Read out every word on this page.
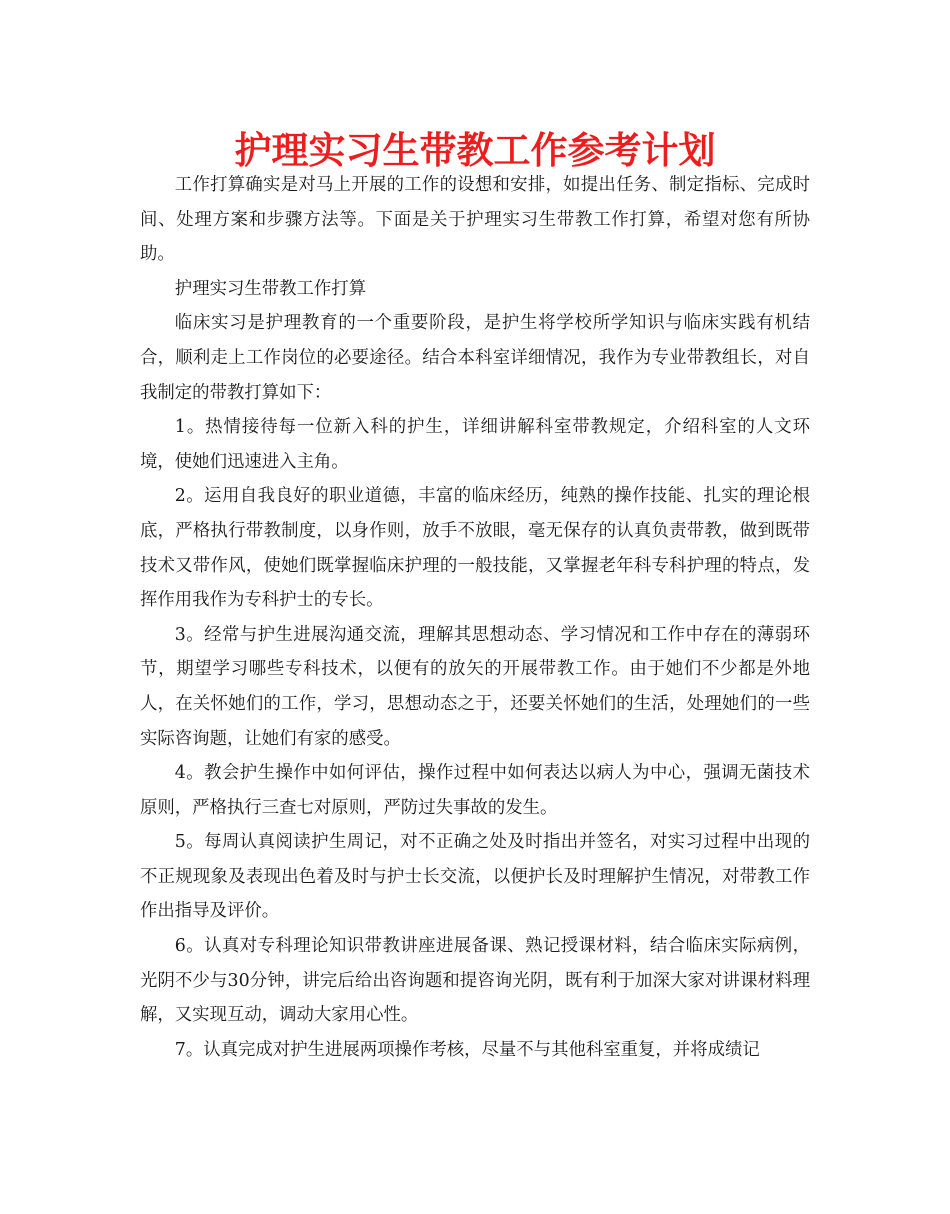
护理实习生带教工作参考计划

工作打算确实是对马上开展的工作的设想和安排，如提出任务、制定指标、完成时间、处理方案和步骤方法等。下面是关于护理实习生带教工作打算，希望对您有所协助。

护理实习生带教工作打算

临床实习是护理教育的一个重要阶段，是护生将学校所学知识与临床实践有机结合，顺利走上工作岗位的必要途径。结合本科室详细情况，我作为专业带教组长，对自我制定的带教打算如下：

1。热情接待每一位新入科的护生，详细讲解科室带教规定，介绍科室的人文环境，使她们迅速进入主角。

2。运用自我良好的职业道德，丰富的临床经历，纯熟的操作技能、扎实的理论根底，严格执行带教制度，以身作则，放手不放眼，毫无保存的认真负责带教，做到既带技术又带作风，使她们既掌握临床护理的一般技能，又掌握老年科专科护理的特点，发挥作用我作为专科护士的专长。

3。经常与护生进展沟通交流，理解其思想动态、学习情况和工作中存在的薄弱环节，期望学习哪些专科技术，以便有的放矢的开展带教工作。由于她们不少都是外地人，在关怀她们的工作，学习，思想动态之于，还要关怀她们的生活，处理她们的一些实际咨询题，让她们有家的感受。

4。教会护生操作中如何评估，操作过程中如何表达以病人为中心，强调无菌技术原则，严格执行三查七对原则，严防过失事故的发生。

5。每周认真阅读护生周记，对不正确之处及时指出并签名，对实习过程中出现的不正规现象及表现出色着及时与护士长交流，以便护长及时理解护生情况，对带教工作作出指导及评价。

6。认真对专科理论知识带教讲座进展备课、熟记授课材料，结合临床实际病例，光阴不少与30分钟，讲完后给出咨询题和提咨询光阴，既有利于加深大家对讲课材料理解，又实现互动，调动大家用心性。

7。认真完成对护生进展两项操作考核，尽量不与其他科室重复，并将成绩记
